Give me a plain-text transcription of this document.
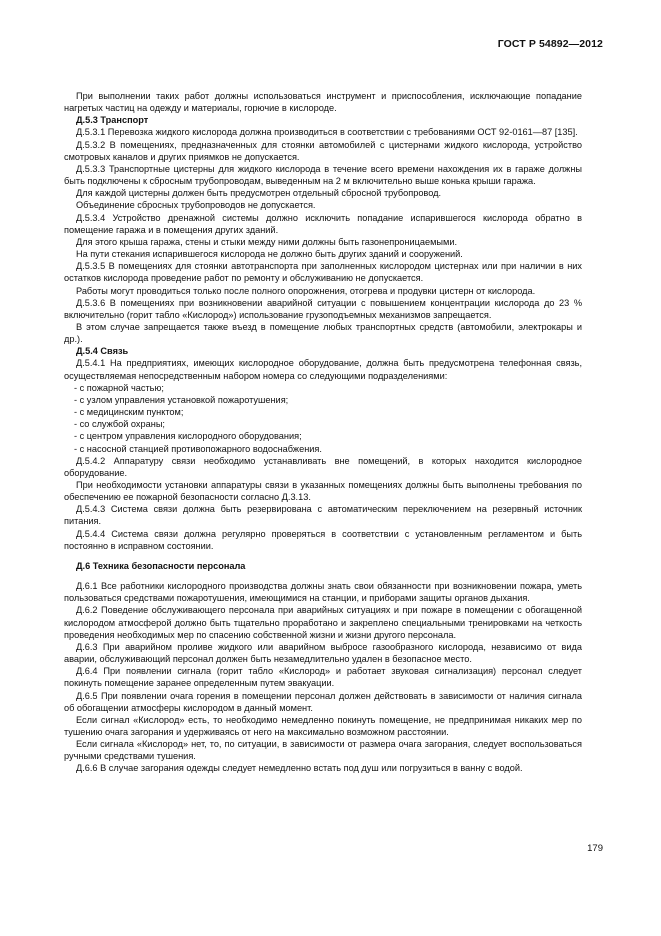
ГОСТ Р 54892—2012

При выполнении таких работ должны использоваться инструмент и приспособления, исключающие попадание нагретых частиц на одежду и материалы, горючие в кислороде.

Д.5.3 Транспорт

Д.5.3.1 Перевозка жидкого кислорода должна производиться в соответствии с требованиями ОСТ 92-0161—87 [135].

Д.5.3.2 В помещениях, предназначенных для стоянки автомобилей с цистернами жидкого кислорода, устройство смотровых каналов и других приямков не допускается.

Д.5.3.3 Транспортные цистерны для жидкого кислорода в течение всего времени нахождения их в гараже должны быть подключены к сбросным трубопроводам, выведенным на 2 м включительно выше конька крыши гаража.

Для каждой цистерны должен быть предусмотрен отдельный сбросной трубопровод.

Объединение сбросных трубопроводов не допускается.

Д.5.3.4 Устройство дренажной системы должно исключить попадание испарившегося кислорода обратно в помещение гаража и в помещения других зданий.

Для этого крыша гаража, стены и стыки между ними должны быть газонепроницаемыми.

На пути стекания испарившегося кислорода не должно быть других зданий и сооружений.

Д.5.3.5 В помещениях для стоянки автотранспорта при заполненных кислородом цистернах или при наличии в них остатков кислорода проведение работ по ремонту и обслуживанию не допускается.

Работы могут проводиться только после полного опорожнения, отогрева и продувки цистерн от кислорода.

Д.5.3.6 В помещениях при возникновении аварийной ситуации с повышением концентрации кислорода до 23 % включительно (горит табло «Кислород») использование грузоподъемных механизмов запрещается.

В этом случае запрещается также въезд в помещение любых транспортных средств (автомобили, электрокары и др.).

Д.5.4 Связь

Д.5.4.1 На предприятиях, имеющих кислородное оборудование, должна быть предусмотрена телефонная связь, осуществляемая непосредственным набором номера со следующими подразделениями:

- с пожарной частью;

- с узлом управления установкой пожаротушения;

- с медицинским пунктом;

- со службой охраны;

- с центром управления кислородного оборудования;

- с насосной станцией противопожарного водоснабжения.

Д.5.4.2 Аппаратуру связи необходимо устанавливать вне помещений, в которых находится кислородное оборудование.

При необходимости установки аппаратуры связи в указанных помещениях должны быть выполнены требования по обеспечению ее пожарной безопасности согласно Д.3.13.

Д.5.4.3 Система связи должна быть резервирована с автоматическим переключением на резервный источник питания.

Д.5.4.4 Система связи должна регулярно проверяться в соответствии с установленным регламентом и быть постоянно в исправном состоянии.

Д.6 Техника безопасности персонала

Д.6.1 Все работники кислородного производства должны знать свои обязанности при возникновении пожара, уметь пользоваться средствами пожаротушения, имеющимися на станции, и приборами защиты органов дыхания.

Д.6.2 Поведение обслуживающего персонала при аварийных ситуациях и при пожаре в помещении с обогащенной кислородом атмосферой должно быть тщательно проработано и закреплено специальными тренировками на четкость проведения необходимых мер по спасению собственной жизни и жизни другого персонала.

Д.6.3 При аварийном проливе жидкого или аварийном выбросе газообразного кислорода, независимо от вида аварии, обслуживающий персонал должен быть незамедлительно удален в безопасное место.

Д.6.4 При появлении сигнала (горит табло «Кислород» и работает звуковая сигнализация) персонал следует покинуть помещение заранее определенным путем эвакуации.

Д.6.5 При появлении очага горения в помещении персонал должен действовать в зависимости от наличия сигнала об обогащении атмосферы кислородом в данный момент.

Если сигнал «Кислород» есть, то необходимо немедленно покинуть помещение, не предпринимая никаких мер по тушению очага загорания и удерживаясь от него на максимально возможном расстоянии.

Если сигнала «Кислород» нет, то, по ситуации, в зависимости от размера очага загорания, следует воспользоваться ручными средствами тушения.

Д.6.6 В случае загорания одежды следует немедленно встать под душ или погрузиться в ванну с водой.

179
